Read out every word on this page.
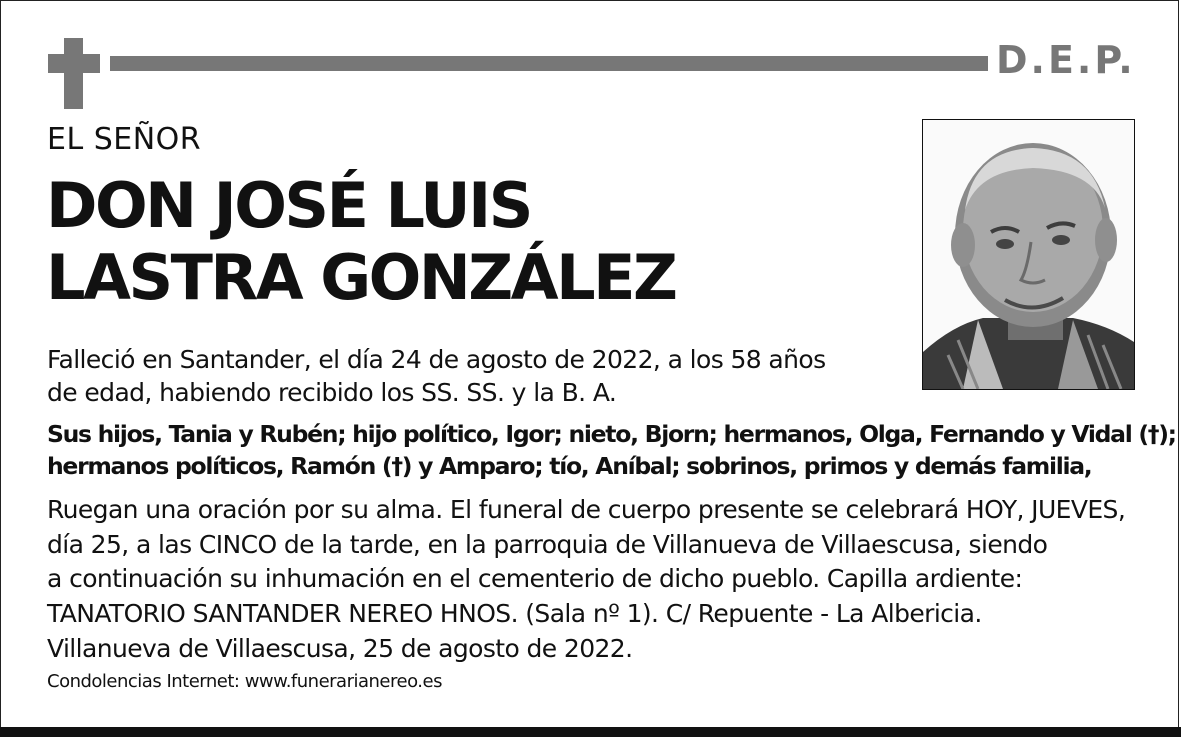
D.E.P.
EL SEÑOR
DON JOSÉ LUIS
LASTRA GONZÁLEZ
Falleció en Santander, el día 24 de agosto de 2022, a los 58 años
de edad, habiendo recibido los SS. SS. y la B. A.
Sus hijos, Tania y Rubén; hijo político, Igor; nieto, Bjorn; hermanos, Olga, Fernando y Vidal (†);
hermanos políticos, Ramón (†) y Amparo; tío, Aníbal; sobrinos, primos y demás familia,
Ruegan una oración por su alma. El funeral de cuerpo presente se celebrará HOY, JUEVES,
día 25, a las CINCO de la tarde, en la parroquia de Villanueva de Villaescusa, siendo
a continuación su inhumación en el cementerio de dicho pueblo. Capilla ardiente:
TANATORIO SANTANDER NEREO HNOS. (Sala nº 1). C/ Repuente - La Albericia.
Villanueva de Villaescusa, 25 de agosto de 2022.
Condolencias Internet: www.funerarianereo.es
